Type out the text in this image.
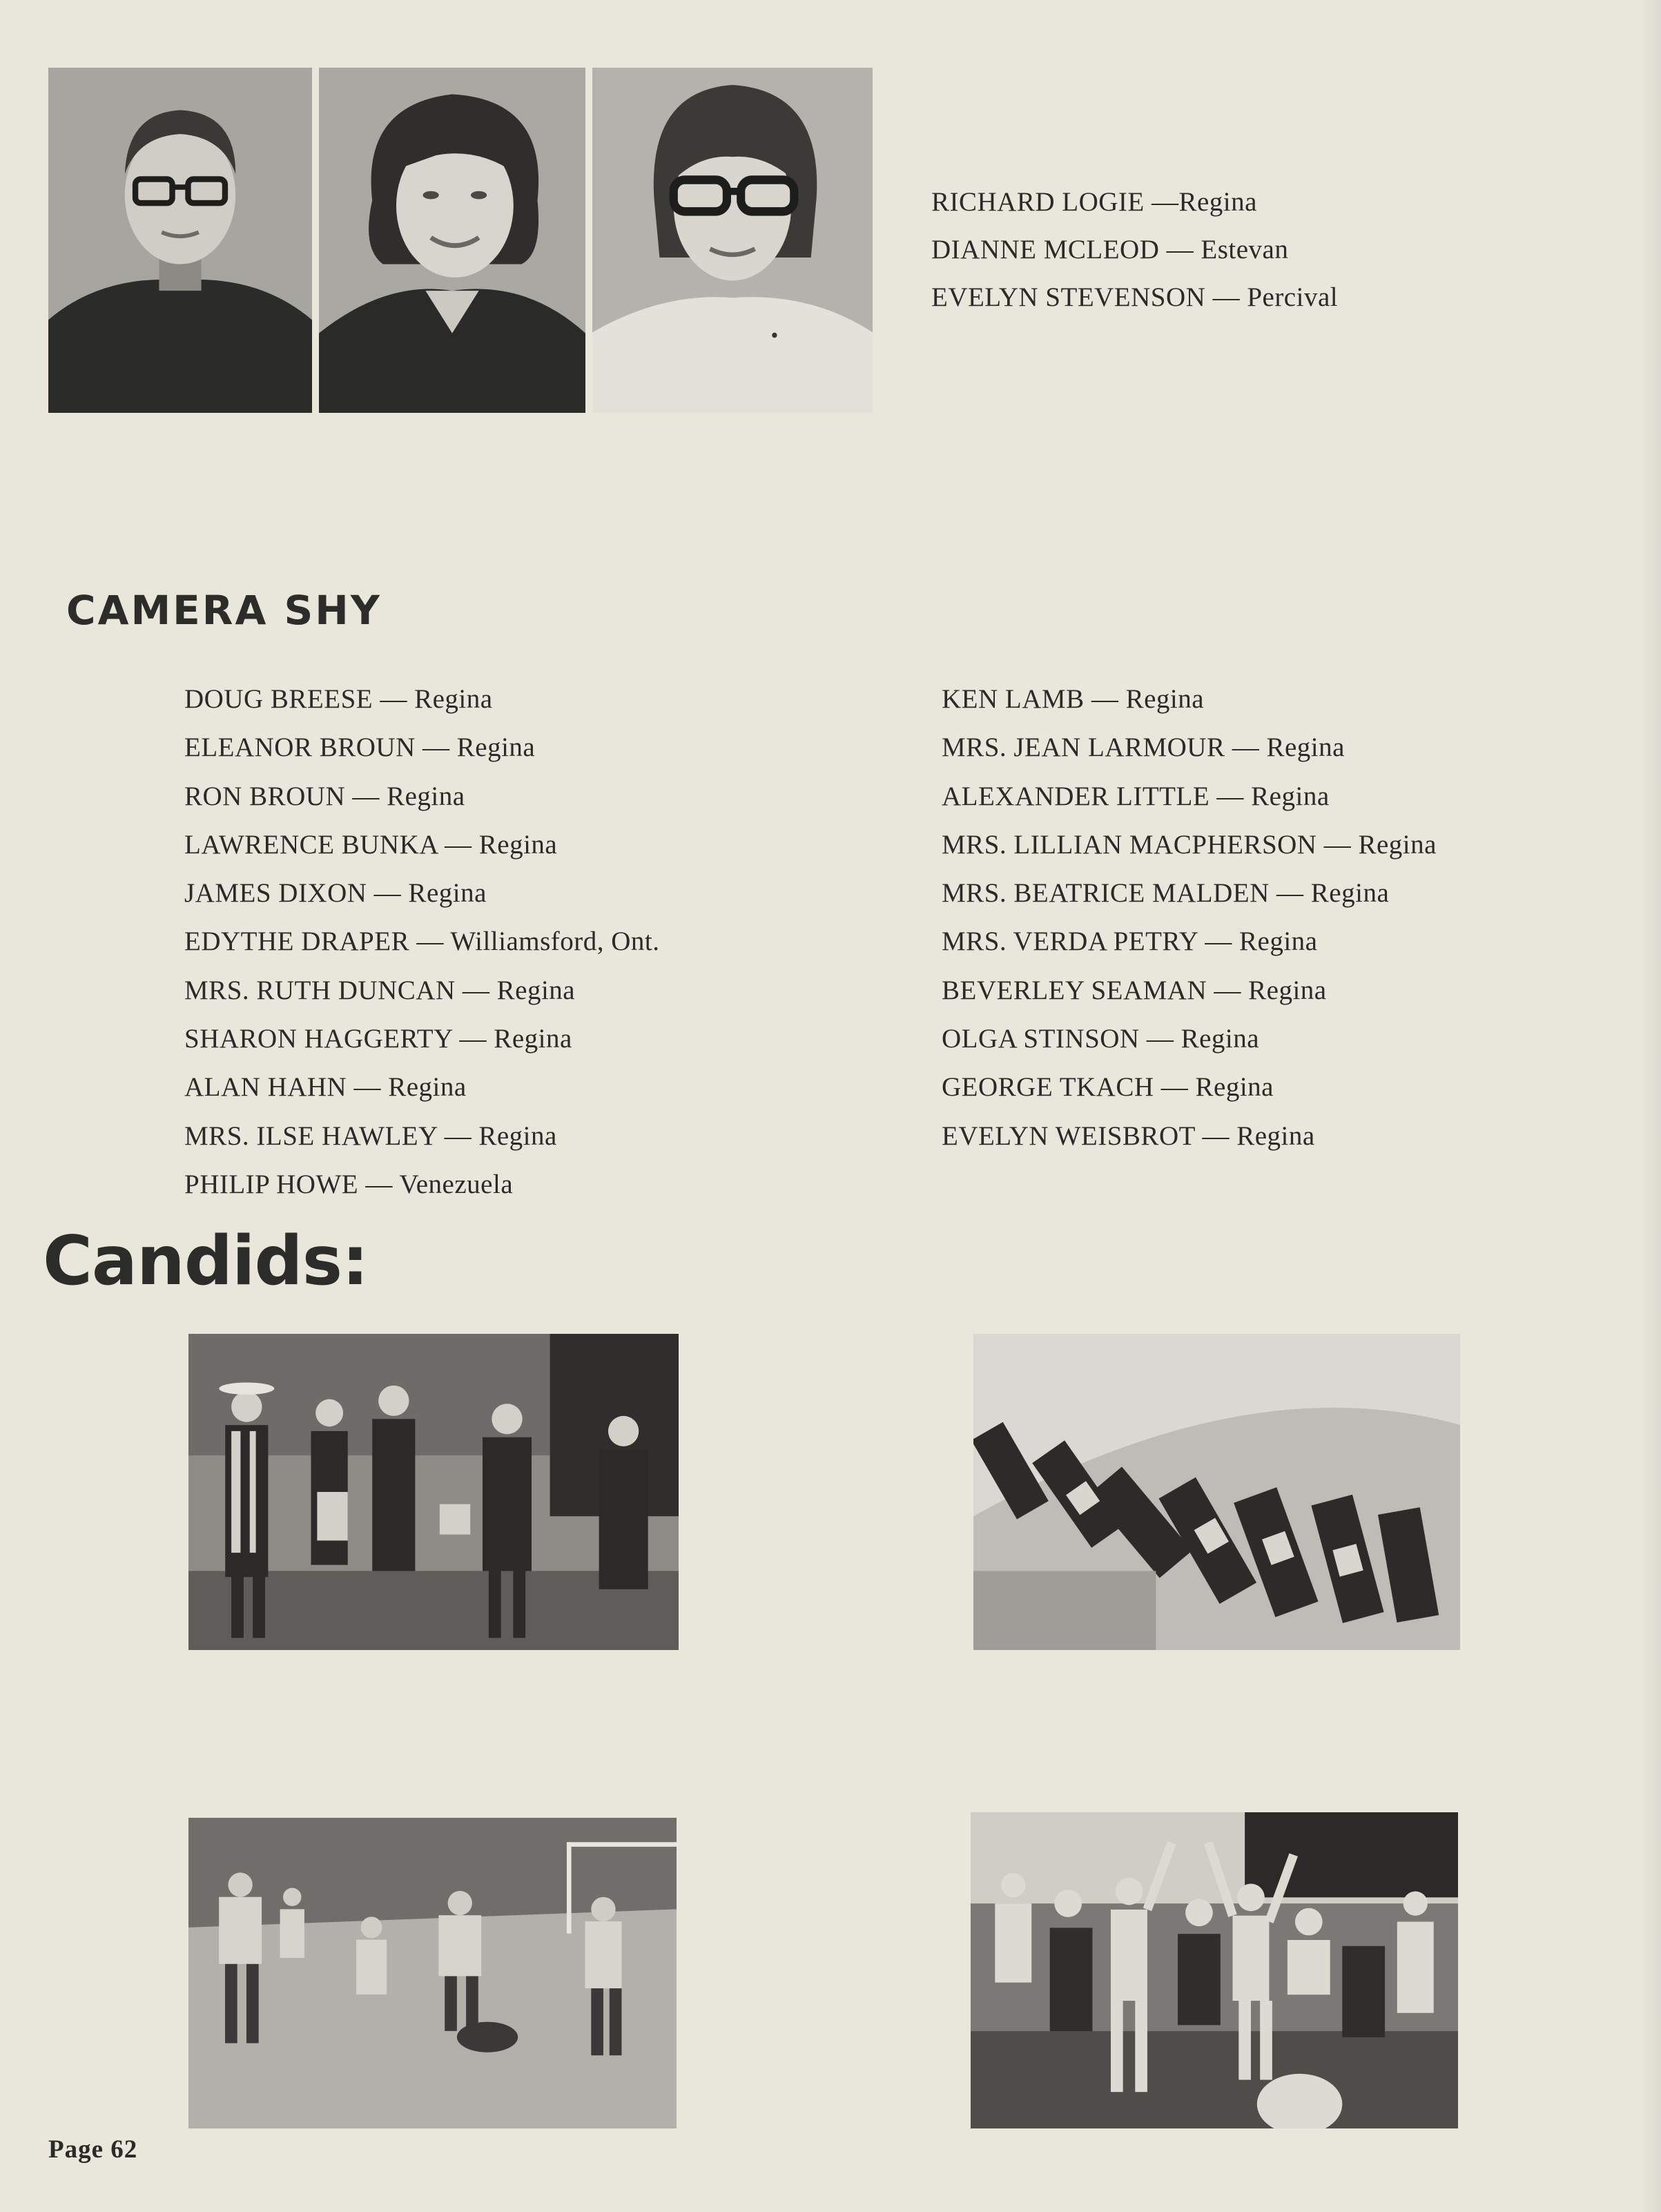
RICHARD LOGIE —Regina
DIANNE MCLEOD — Estevan
EVELYN STEVENSON — Percival
CAMERA SHY
DOUG BREESE — Regina
ELEANOR BROUN — Regina
RON BROUN — Regina
LAWRENCE BUNKA — Regina
JAMES DIXON — Regina
EDYTHE DRAPER — Williamsford, Ont.
MRS. RUTH DUNCAN — Regina
SHARON HAGGERTY — Regina
ALAN HAHN — Regina
MRS. ILSE HAWLEY — Regina
PHILIP HOWE — Venezuela
KEN LAMB — Regina
MRS. JEAN LARMOUR — Regina
ALEXANDER LITTLE — Regina
MRS. LILLIAN MACPHERSON — Regina
MRS. BEATRICE MALDEN — Regina
MRS. VERDA PETRY — Regina
BEVERLEY SEAMAN — Regina
OLGA STINSON — Regina
GEORGE TKACH — Regina
EVELYN WEISBROT — Regina
Candids:
Page 62
